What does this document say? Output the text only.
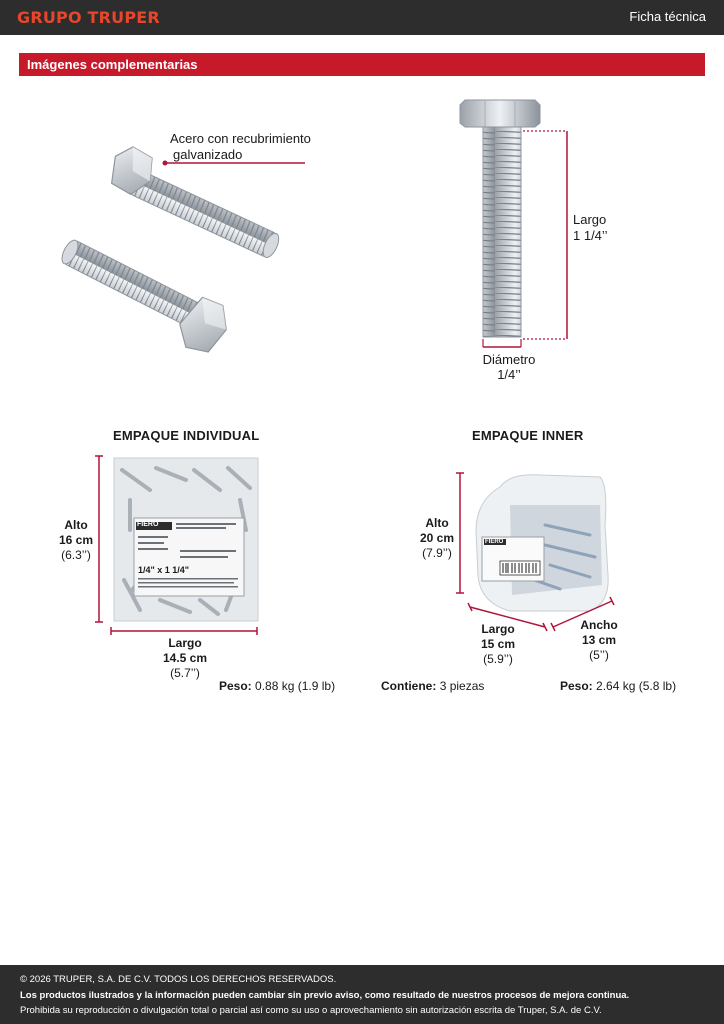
GRUPO TRUPER	Ficha técnica
Imágenes complementarias
Acero con recubrimiento
galvanizado
Largo
1 1/4’’
Diámetro
1/4’’
EMPAQUE INDIVIDUAL
FIERO
1/4" x 1 1/4"
Alto
16 cm
(6.3’’)
Largo
14.5 cm
(5.7’’)
Peso: 0.88 kg (1.9 lb)
EMPAQUE INNER
FIERO
Alto
20 cm
(7.9’’)
Largo
15 cm
(5.9’’)
Ancho
13 cm
(5’’)
Contiene: 3 piezas	Peso: 2.64 kg (5.8 lb)
© 2026 TRUPER, S.A. DE C.V. TODOS LOS DERECHOS RESERVADOS.
Los productos ilustrados y la información pueden cambiar sin previo aviso, como resultado de nuestros procesos de mejora continua.
Prohibida su reproducción o divulgación total o parcial así como su uso o aprovechamiento sin autorización escrita de Truper, S.A. de C.V.
